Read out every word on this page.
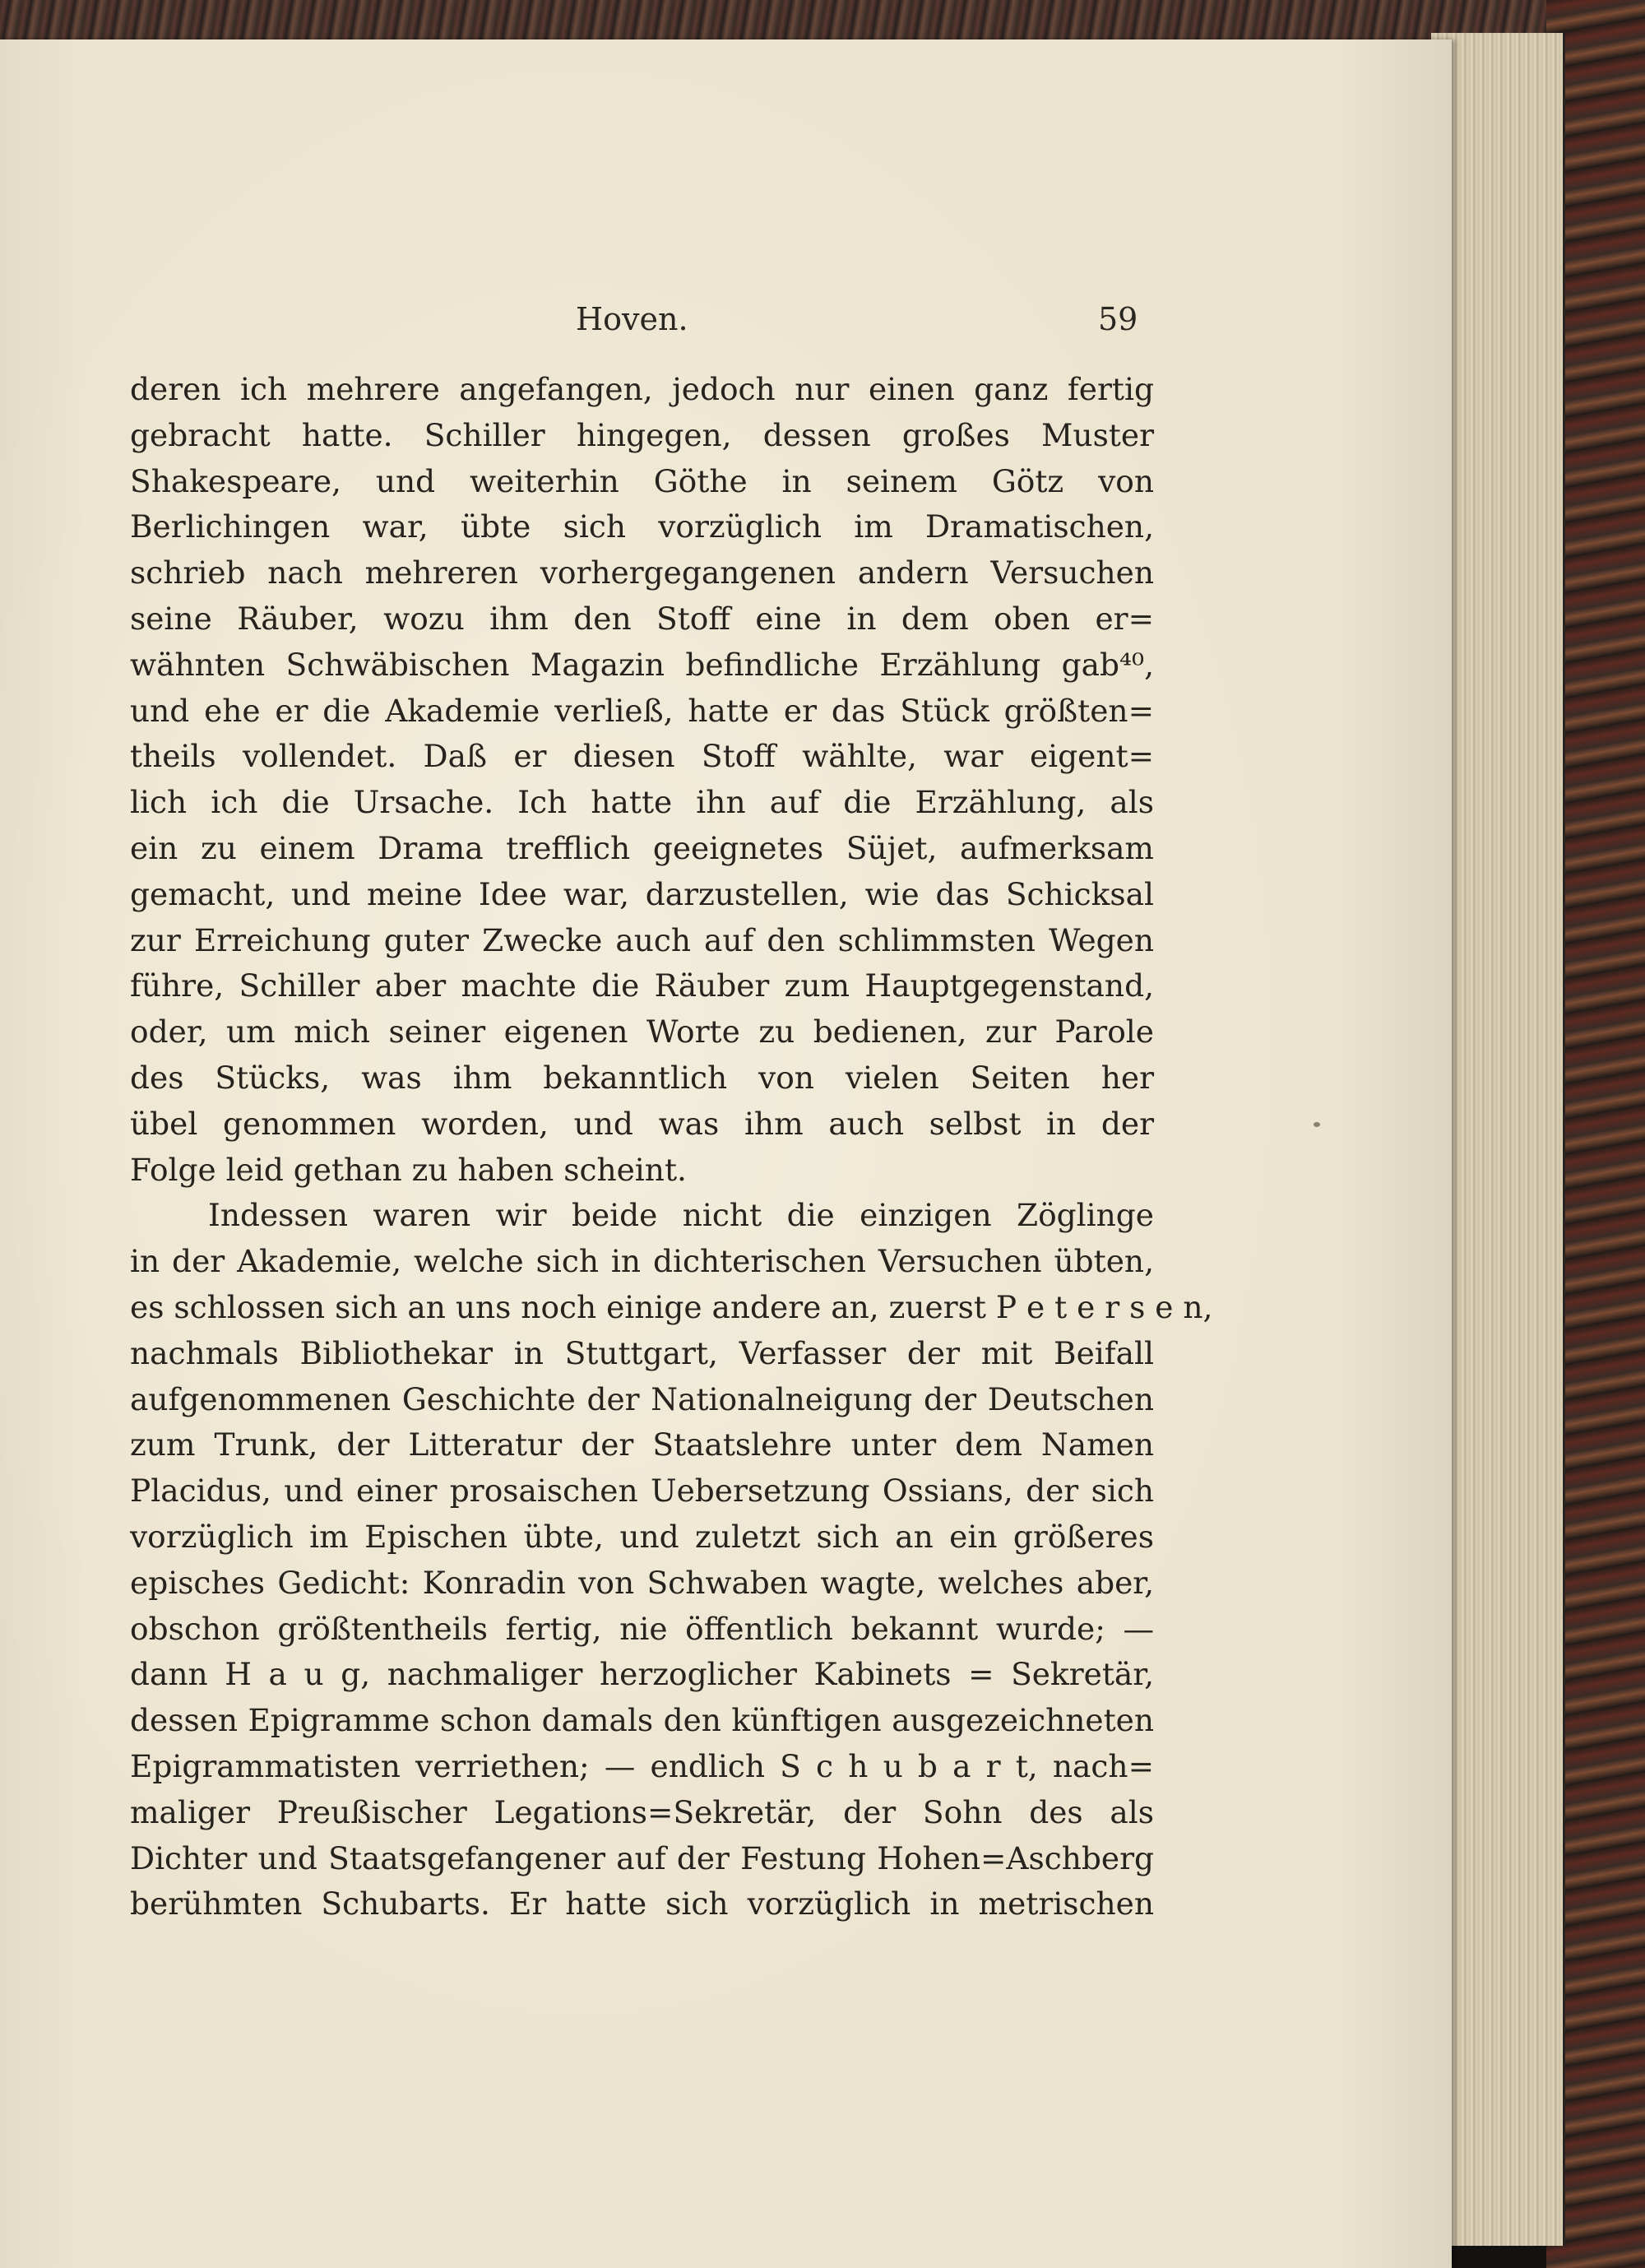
Hoven.	59
deren ich mehrere angefangen, jedoch nur einen ganz fertig
gebracht hatte. Schiller hingegen, dessen großes Muster
Shakespeare, und weiterhin Göthe in seinem Götz von
Berlichingen war, übte sich vorzüglich im Dramatischen,
schrieb nach mehreren vorhergegangenen andern Versuchen
seine Räuber, wozu ihm den Stoff eine in dem oben er=
wähnten Schwäbischen Magazin befindliche Erzählung gab⁴⁰,
und ehe er die Akademie verließ, hatte er das Stück größten=
theils vollendet. Daß er diesen Stoff wählte, war eigent=
lich ich die Ursache. Ich hatte ihn auf die Erzählung, als
ein zu einem Drama trefflich geeignetes Süjet, aufmerksam
gemacht, und meine Idee war, darzustellen, wie das Schicksal
zur Erreichung guter Zwecke auch auf den schlimmsten Wegen
führe, Schiller aber machte die Räuber zum Hauptgegenstand,
oder, um mich seiner eigenen Worte zu bedienen, zur Parole
des Stücks, was ihm bekanntlich von vielen Seiten her
übel genommen worden, und was ihm auch selbst in der
Folge leid gethan zu haben scheint.
Indessen waren wir beide nicht die einzigen Zöglinge
in der Akademie, welche sich in dichterischen Versuchen übten,
es schlossen sich an uns noch einige andere an, zuerst P e t e r s e n,
nachmals Bibliothekar in Stuttgart, Verfasser der mit Beifall
aufgenommenen Geschichte der Nationalneigung der Deutschen
zum Trunk, der Litteratur der Staatslehre unter dem Namen
Placidus, und einer prosaischen Uebersetzung Ossians, der sich
vorzüglich im Epischen übte, und zuletzt sich an ein größeres
episches Gedicht: Konradin von Schwaben wagte, welches aber,
obschon größtentheils fertig, nie öffentlich bekannt wurde; —
dann H a u g, nachmaliger herzoglicher Kabinets = Sekretär,
dessen Epigramme schon damals den künftigen ausgezeichneten
Epigrammatisten verriethen; — endlich S c h u b a r t, nach=
maliger Preußischer Legations=Sekretär, der Sohn des als
Dichter und Staatsgefangener auf der Festung Hohen=Aschberg
berühmten Schubarts. Er hatte sich vorzüglich in metrischen
